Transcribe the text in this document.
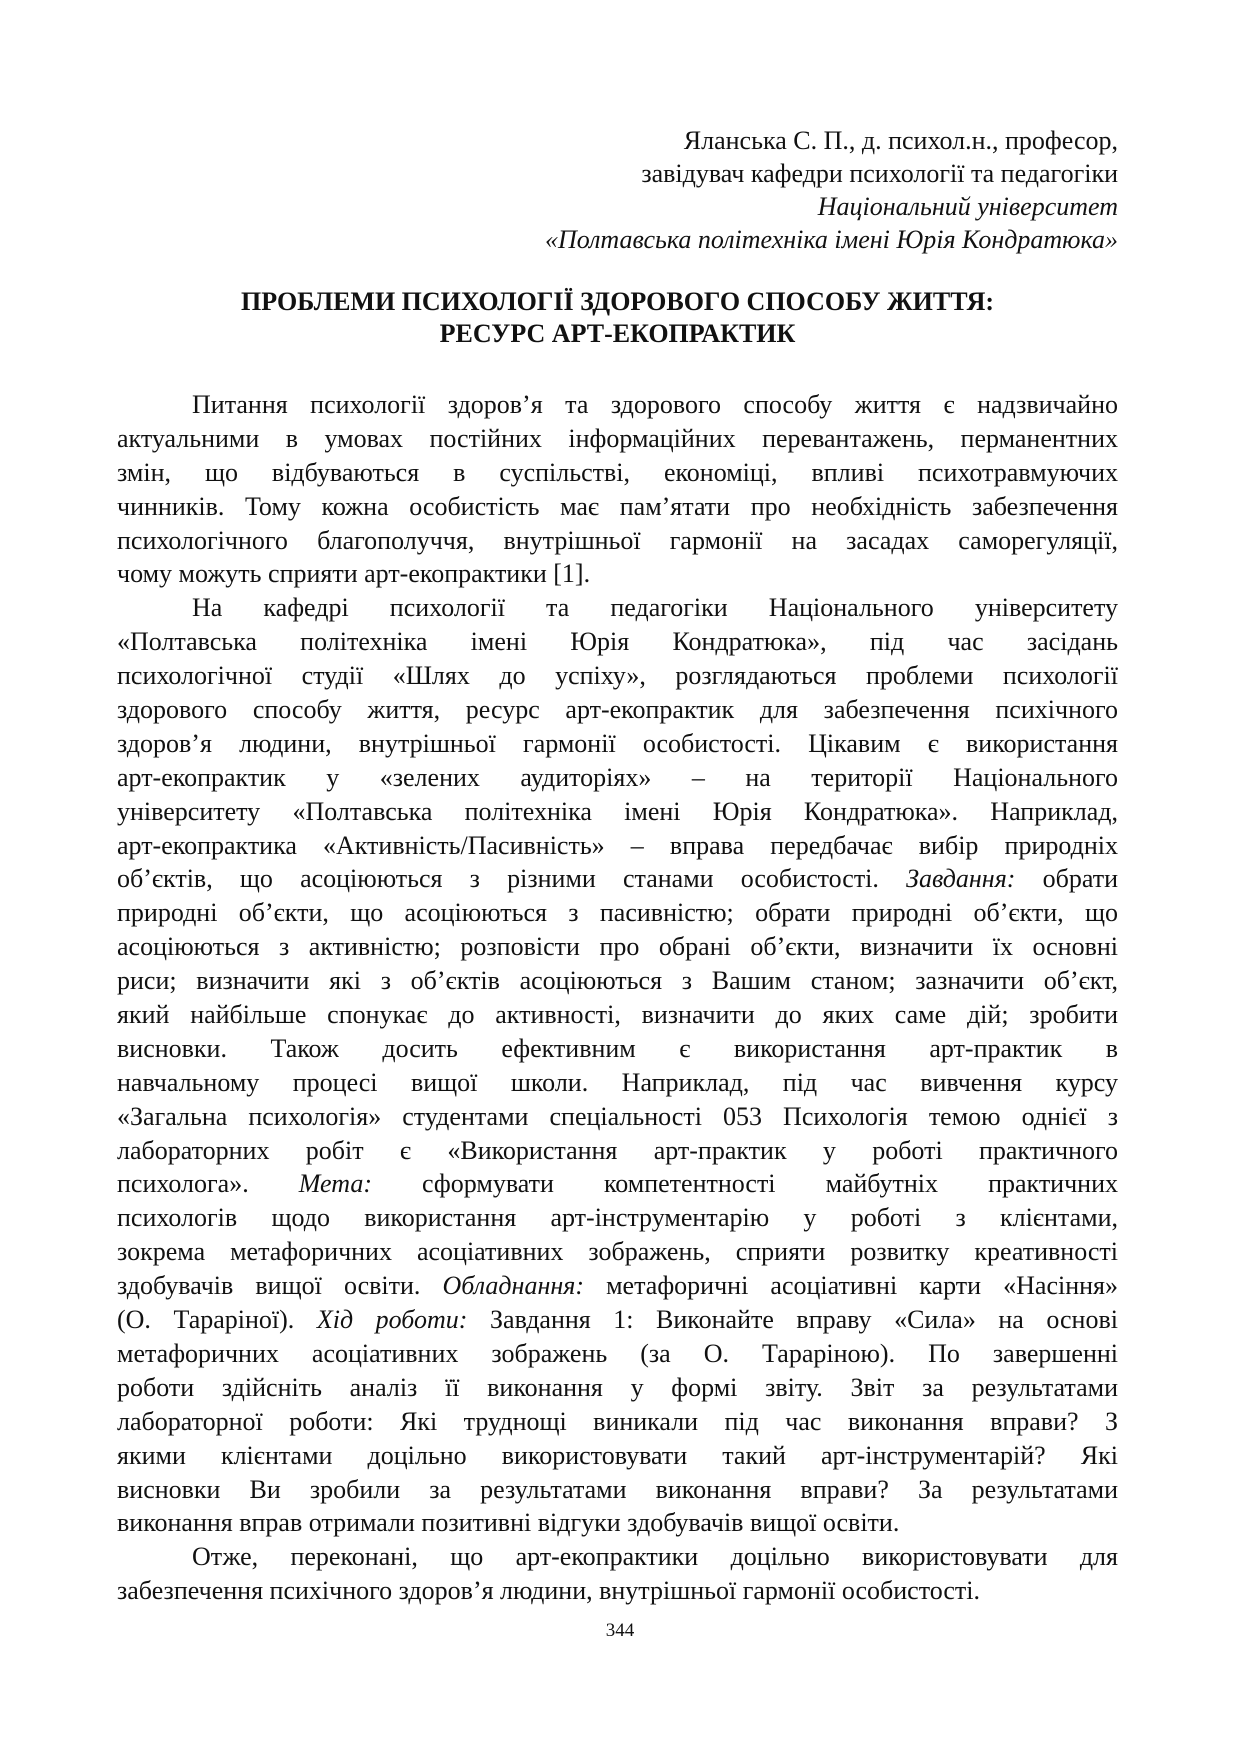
Яланська С. П., д. психол.н., професор,
завідувач кафедри психології та педагогіки
Національний університет
«Полтавська політехніка імені Юрія Кондратюка»
ПРОБЛЕМИ ПСИХОЛОГІЇ ЗДОРОВОГО СПОСОБУ ЖИТТЯ:
РЕСУРС АРТ-ЕКОПРАКТИК
Питання психології здоров’я та здорового способу життя є надзвичайно
актуальними в умовах постійних інформаційних перевантажень, перманентних
змін, що відбуваються в суспільстві, економіці, впливі психотравмуючих
чинників. Тому кожна особистість має пам’ятати про необхідність забезпечення
психологічного благополуччя, внутрішньої гармонії на засадах саморегуляції,
чому можуть сприяти арт-екопрактики [1].
На кафедрі психології та педагогіки Національного університету
«Полтавська політехніка імені Юрія Кондратюка», під час засідань
психологічної студії «Шлях до успіху», розглядаються проблеми психології
здорового способу життя, ресурс арт-екопрактик для забезпечення психічного
здоров’я людини, внутрішньої гармонії особистості. Цікавим є використання
арт-екопрактик у «зелених аудиторіях» – на території Національного
університету «Полтавська політехніка імені Юрія Кондратюка». Наприклад,
арт-екопрактика «Активність/Пасивність» – вправа передбачає вибір природніх
об’єктів, що асоціюються з різними станами особистості. Завдання: обрати
природні об’єкти, що асоціюються з пасивністю; обрати природні об’єкти, що
асоціюються з активністю; розповісти про обрані об’єкти, визначити їх основні
риси; визначити які з об’єктів асоціюються з Вашим станом; зазначити об’єкт,
який найбільше спонукає до активності, визначити до яких саме дій; зробити
висновки. Також досить ефективним є використання арт-практик в
навчальному процесі вищої школи. Наприклад, під час вивчення курсу
«Загальна психологія» студентами спеціальності 053 Психологія темою однієї з
лабораторних робіт є «Використання арт-практик у роботі практичного
психолога». Мета: сформувати компетентності майбутніх практичних
психологів щодо використання арт-інструментарію у роботі з клієнтами,
зокрема метафоричних асоціативних зображень, сприяти розвитку креативності
здобувачів вищої освіти. Обладнання: метафоричні асоціативні карти «Насіння»
(О. Тараріної). Хід роботи: Завдання 1: Виконайте вправу «Сила» на основі
метафоричних асоціативних зображень (за О. Тараріною). По завершенні
роботи здійсніть аналіз її виконання у формі звіту. Звіт за результатами
лабораторної роботи: Які труднощі виникали під час виконання вправи? З
якими клієнтами доцільно використовувати такий арт-інструментарій? Які
висновки Ви зробили за результатами виконання вправи? За результатами
виконання вправ отримали позитивні відгуки здобувачів вищої освіти.
Отже, переконані, що арт-екопрактики доцільно використовувати для
забезпечення психічного здоров’я людини, внутрішньої гармонії особистості.
344
